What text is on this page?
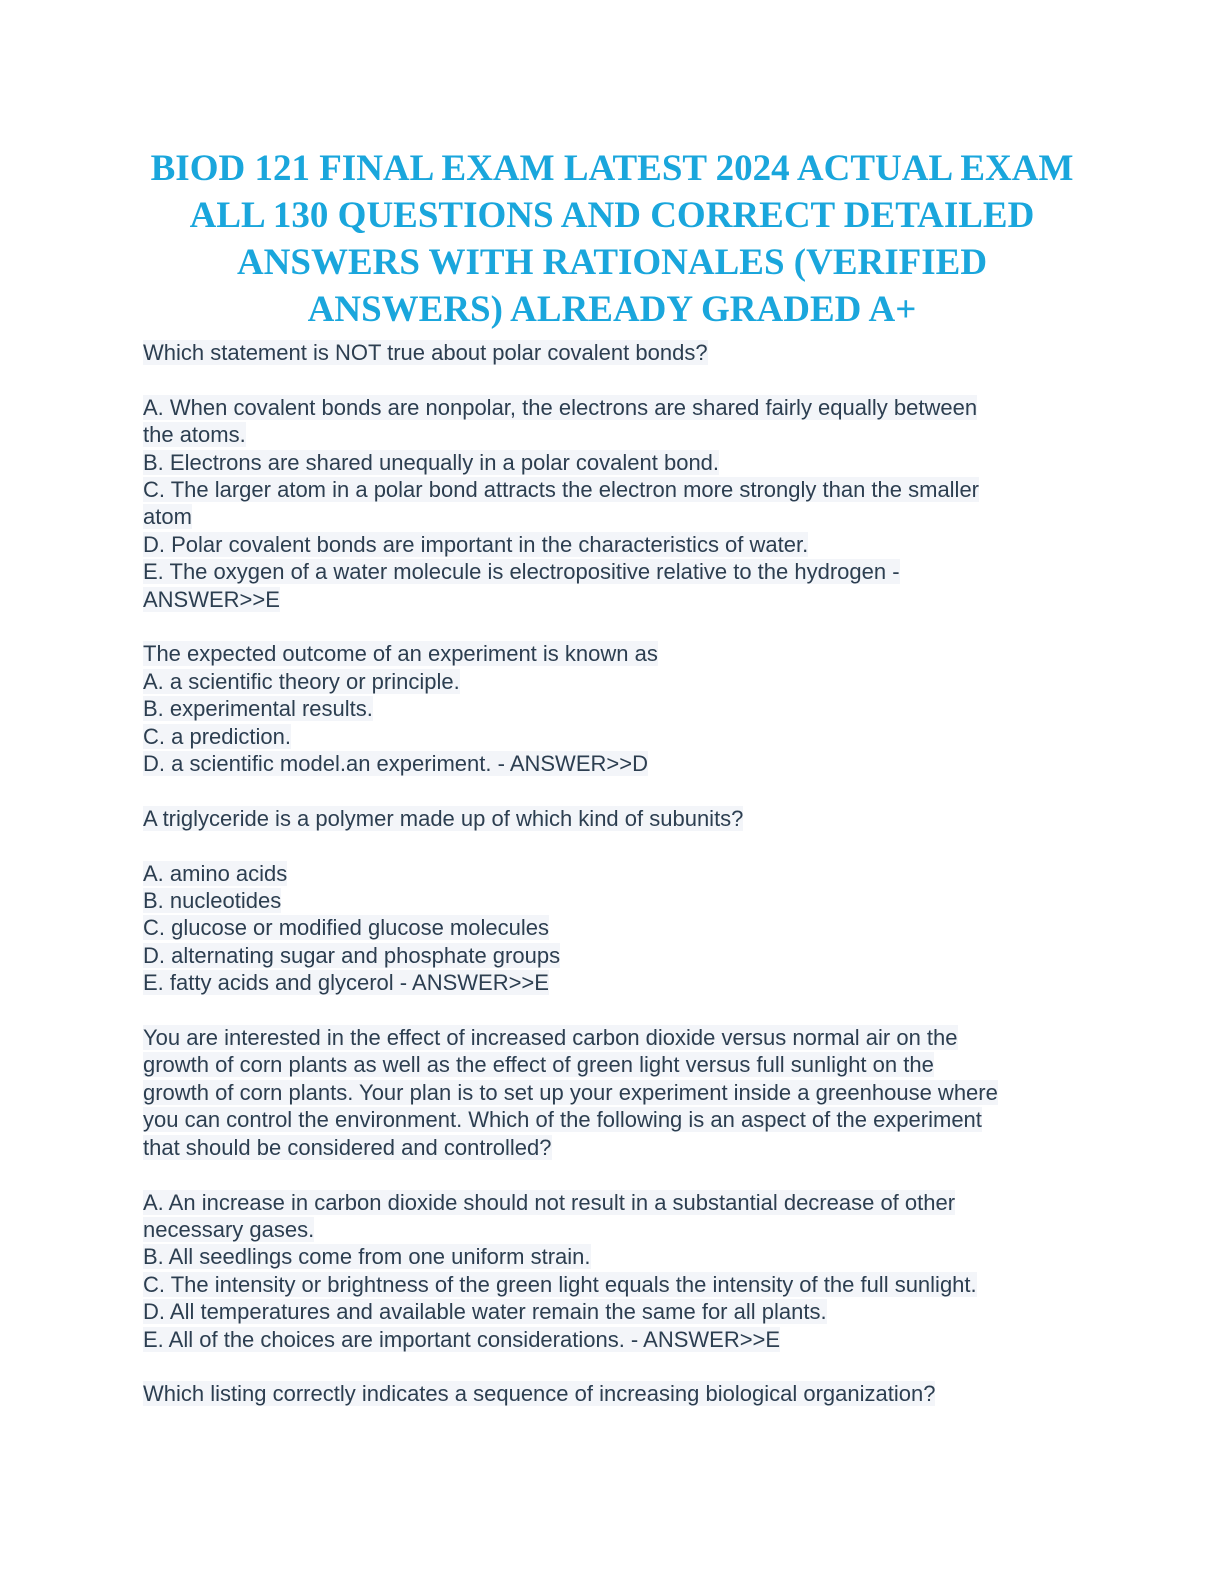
BIOD 121 FINAL EXAM LATEST 2024 ACTUAL EXAM
ALL 130 QUESTIONS AND CORRECT DETAILED
ANSWERS WITH RATIONALES (VERIFIED
ANSWERS) ALREADY GRADED A+
Which statement is NOT true about polar covalent bonds?
A. When covalent bonds are nonpolar, the electrons are shared fairly equally between
the atoms.
B. Electrons are shared unequally in a polar covalent bond.
C. The larger atom in a polar bond attracts the electron more strongly than the smaller
atom
D. Polar covalent bonds are important in the characteristics of water.
E. The oxygen of a water molecule is electropositive relative to the hydrogen -
ANSWER>>E
The expected outcome of an experiment is known as
A. a scientific theory or principle.
B. experimental results.
C. a prediction.
D. a scientific model.an experiment. - ANSWER>>D
A triglyceride is a polymer made up of which kind of subunits?
A. amino acids
B. nucleotides
C. glucose or modified glucose molecules
D. alternating sugar and phosphate groups
E. fatty acids and glycerol - ANSWER>>E
You are interested in the effect of increased carbon dioxide versus normal air on the
growth of corn plants as well as the effect of green light versus full sunlight on the
growth of corn plants. Your plan is to set up your experiment inside a greenhouse where
you can control the environment. Which of the following is an aspect of the experiment
that should be considered and controlled?
A. An increase in carbon dioxide should not result in a substantial decrease of other
necessary gases.
B. All seedlings come from one uniform strain.
C. The intensity or brightness of the green light equals the intensity of the full sunlight.
D. All temperatures and available water remain the same for all plants.
E. All of the choices are important considerations. - ANSWER>>E
Which listing correctly indicates a sequence of increasing biological organization?
